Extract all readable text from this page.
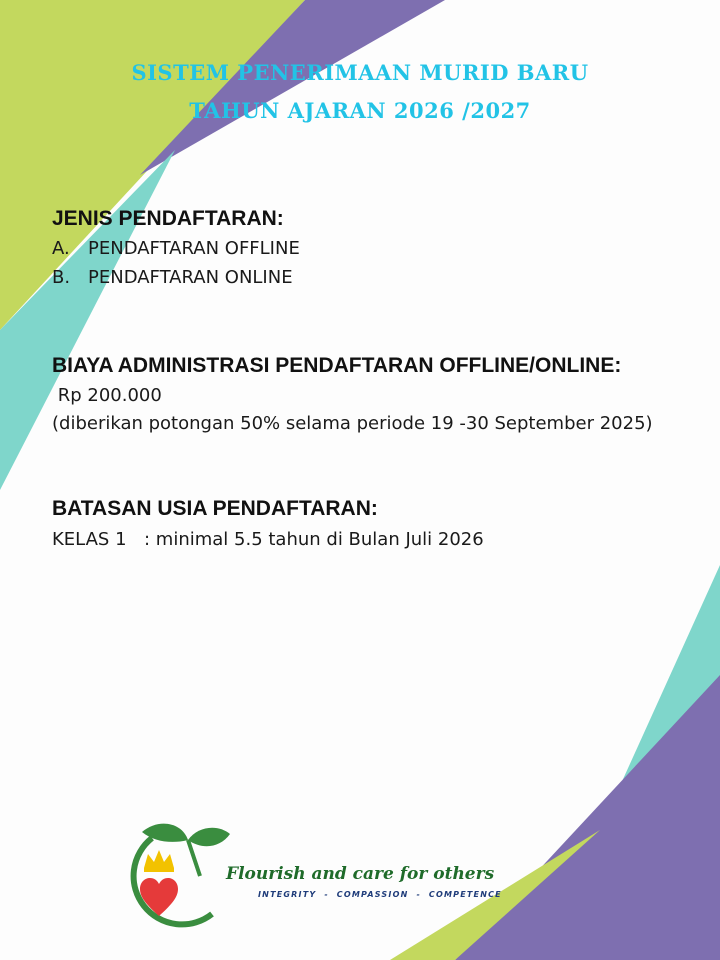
SISTEM PENERIMAAN MURID BARU
TAHUN AJARAN 2026 /2027
JENIS PENDAFTARAN:
A. PENDAFTARAN OFFLINE
B. PENDAFTARAN ONLINE
BIAYA ADMINISTRASI PENDAFTARAN OFFLINE/ONLINE:
Rp 200.000
(diberikan potongan 50% selama periode 19 -30 September 2025)
BATASAN USIA PENDAFTARAN:
KELAS 1 : minimal 5.5 tahun di Bulan Juli 2026
Flourish and care for others
INTEGRITY  -  COMPASSION  -  COMPETENCE
